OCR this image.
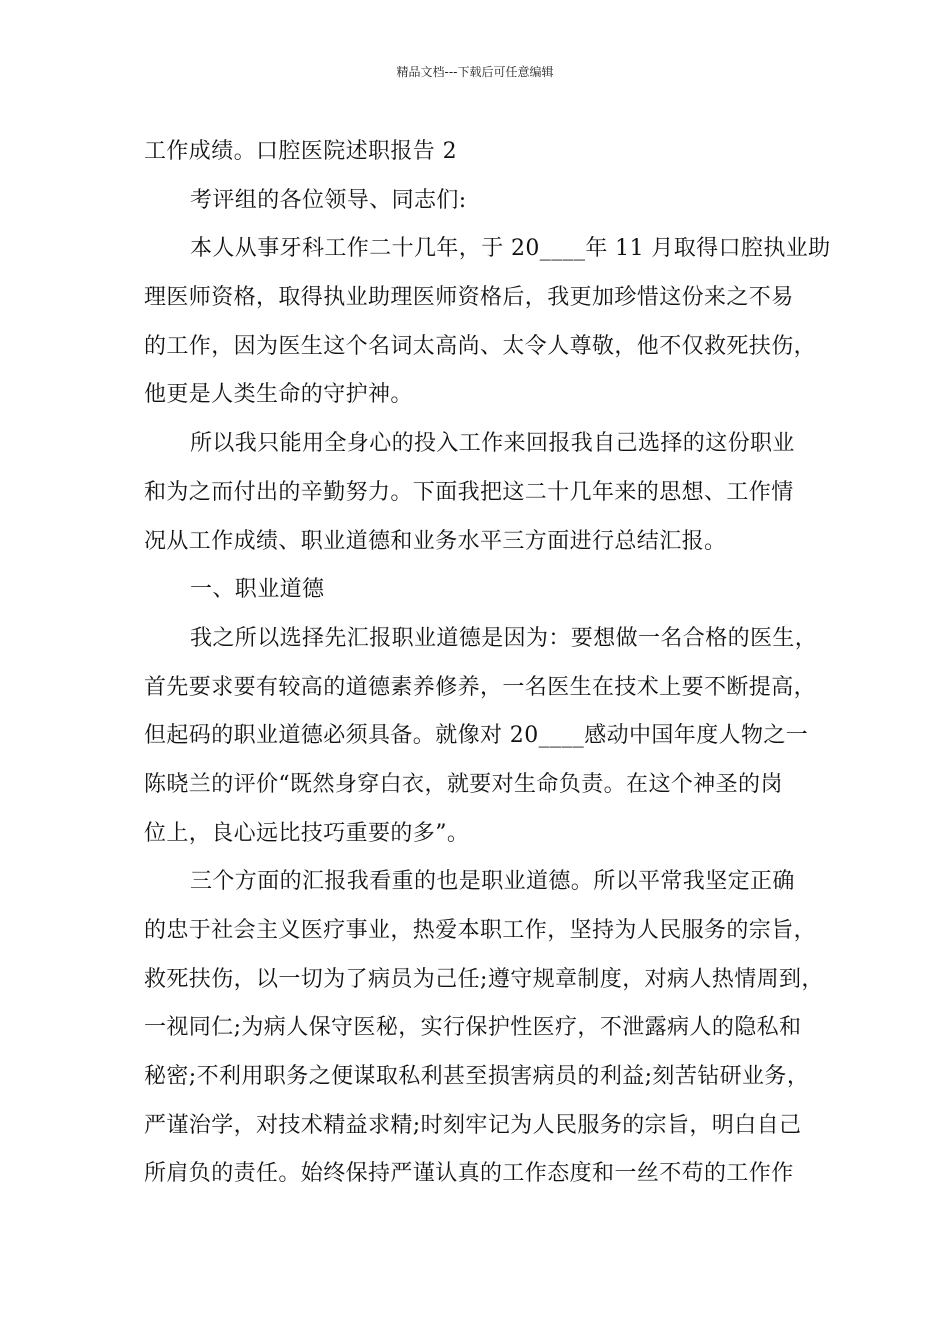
精品文档---下载后可任意编辑
工作成绩。口腔医院述职报告 2
考评组的各位领导、同志们:
本人从事牙科工作二十几年，于 20____年 11 月取得口腔执业助
理医师资格，取得执业助理医师资格后，我更加珍惜这份来之不易
的工作，因为医生这个名词太高尚、太令人尊敬，他不仅救死扶伤，
他更是人类生命的守护神。
所以我只能用全身心的投入工作来回报我自己选择的这份职业
和为之而付出的辛勤努力。下面我把这二十几年来的思想、工作情
况从工作成绩、职业道德和业务水平三方面进行总结汇报。
一、职业道德
我之所以选择先汇报职业道德是因为：要想做一名合格的医生，
首先要求要有较高的道德素养修养，一名医生在技术上要不断提高，
但起码的职业道德必须具备。就像对 20____感动中国年度人物之一
陈晓兰的评价“既然身穿白衣，就要对生命负责。在这个神圣的岗
位上，良心远比技巧重要的多”。
三个方面的汇报我看重的也是职业道德。所以平常我坚定正确
的忠于社会主义医疗事业，热爱本职工作，坚持为人民服务的宗旨，
救死扶伤，以一切为了病员为己任;遵守规章制度，对病人热情周到，
一视同仁;为病人保守医秘，实行保护性医疗，不泄露病人的隐私和
秘密;不利用职务之便谋取私利甚至损害病员的利益;刻苦钻研业务，
严谨治学，对技术精益求精;时刻牢记为人民服务的宗旨，明白自己
所肩负的责任。始终保持严谨认真的工作态度和一丝不苟的工作作
